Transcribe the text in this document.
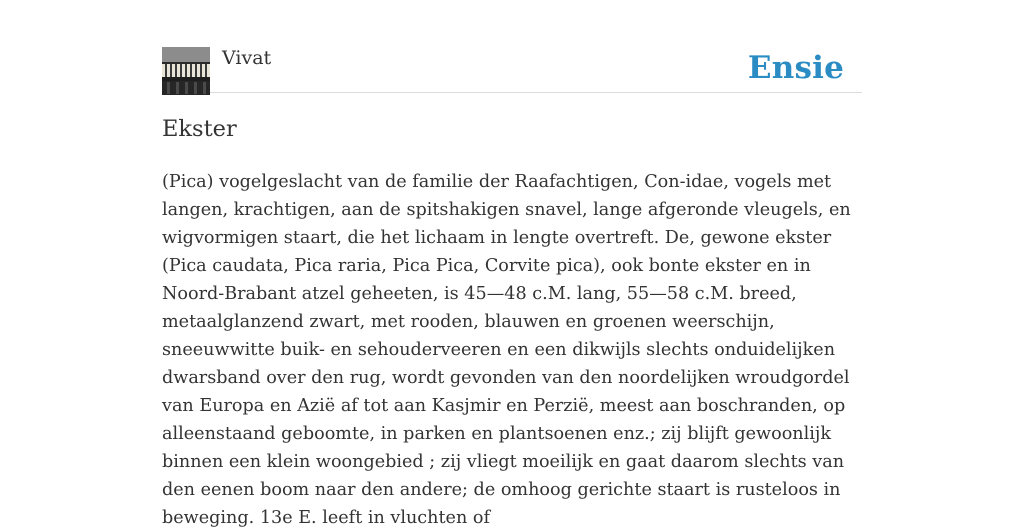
Vivat	Ensie
Ekster

(Pica) vogelgeslacht van de familie der Raafachtigen, Con-idae, vogels met langen, krachtigen, aan de spitshakigen snavel, lange afgeronde vleugels, en wigvormigen staart, die het lichaam in lengte overtreft. De, gewone ekster (Pica caudata, Pica raria, Pica Pica, Corvite pica), ook bonte ekster en in Noord-Brabant atzel geheeten, is 45—48 c.M. lang, 55—58 c.M. breed, metaalglanzend zwart, met rooden, blauwen en groenen weerschijn, sneeuwwitte buik- en sehouderveeren en een dikwijls slechts onduidelijken dwarsband over den rug, wordt gevonden van den noordelijken wroudgordel van Europa en Azië af tot aan Kasjmir en Perzië, meest aan boschranden, op alleenstaand geboomte, in parken en plantsoenen enz.; zij blijft gewoonlijk binnen een klein woongebied ; zij vliegt moeilijk en gaat daarom slechts van den eenen boom naar den andere; de omhoog gerichte staart is rusteloos in beweging. 13e E. leeft in vluchten of
